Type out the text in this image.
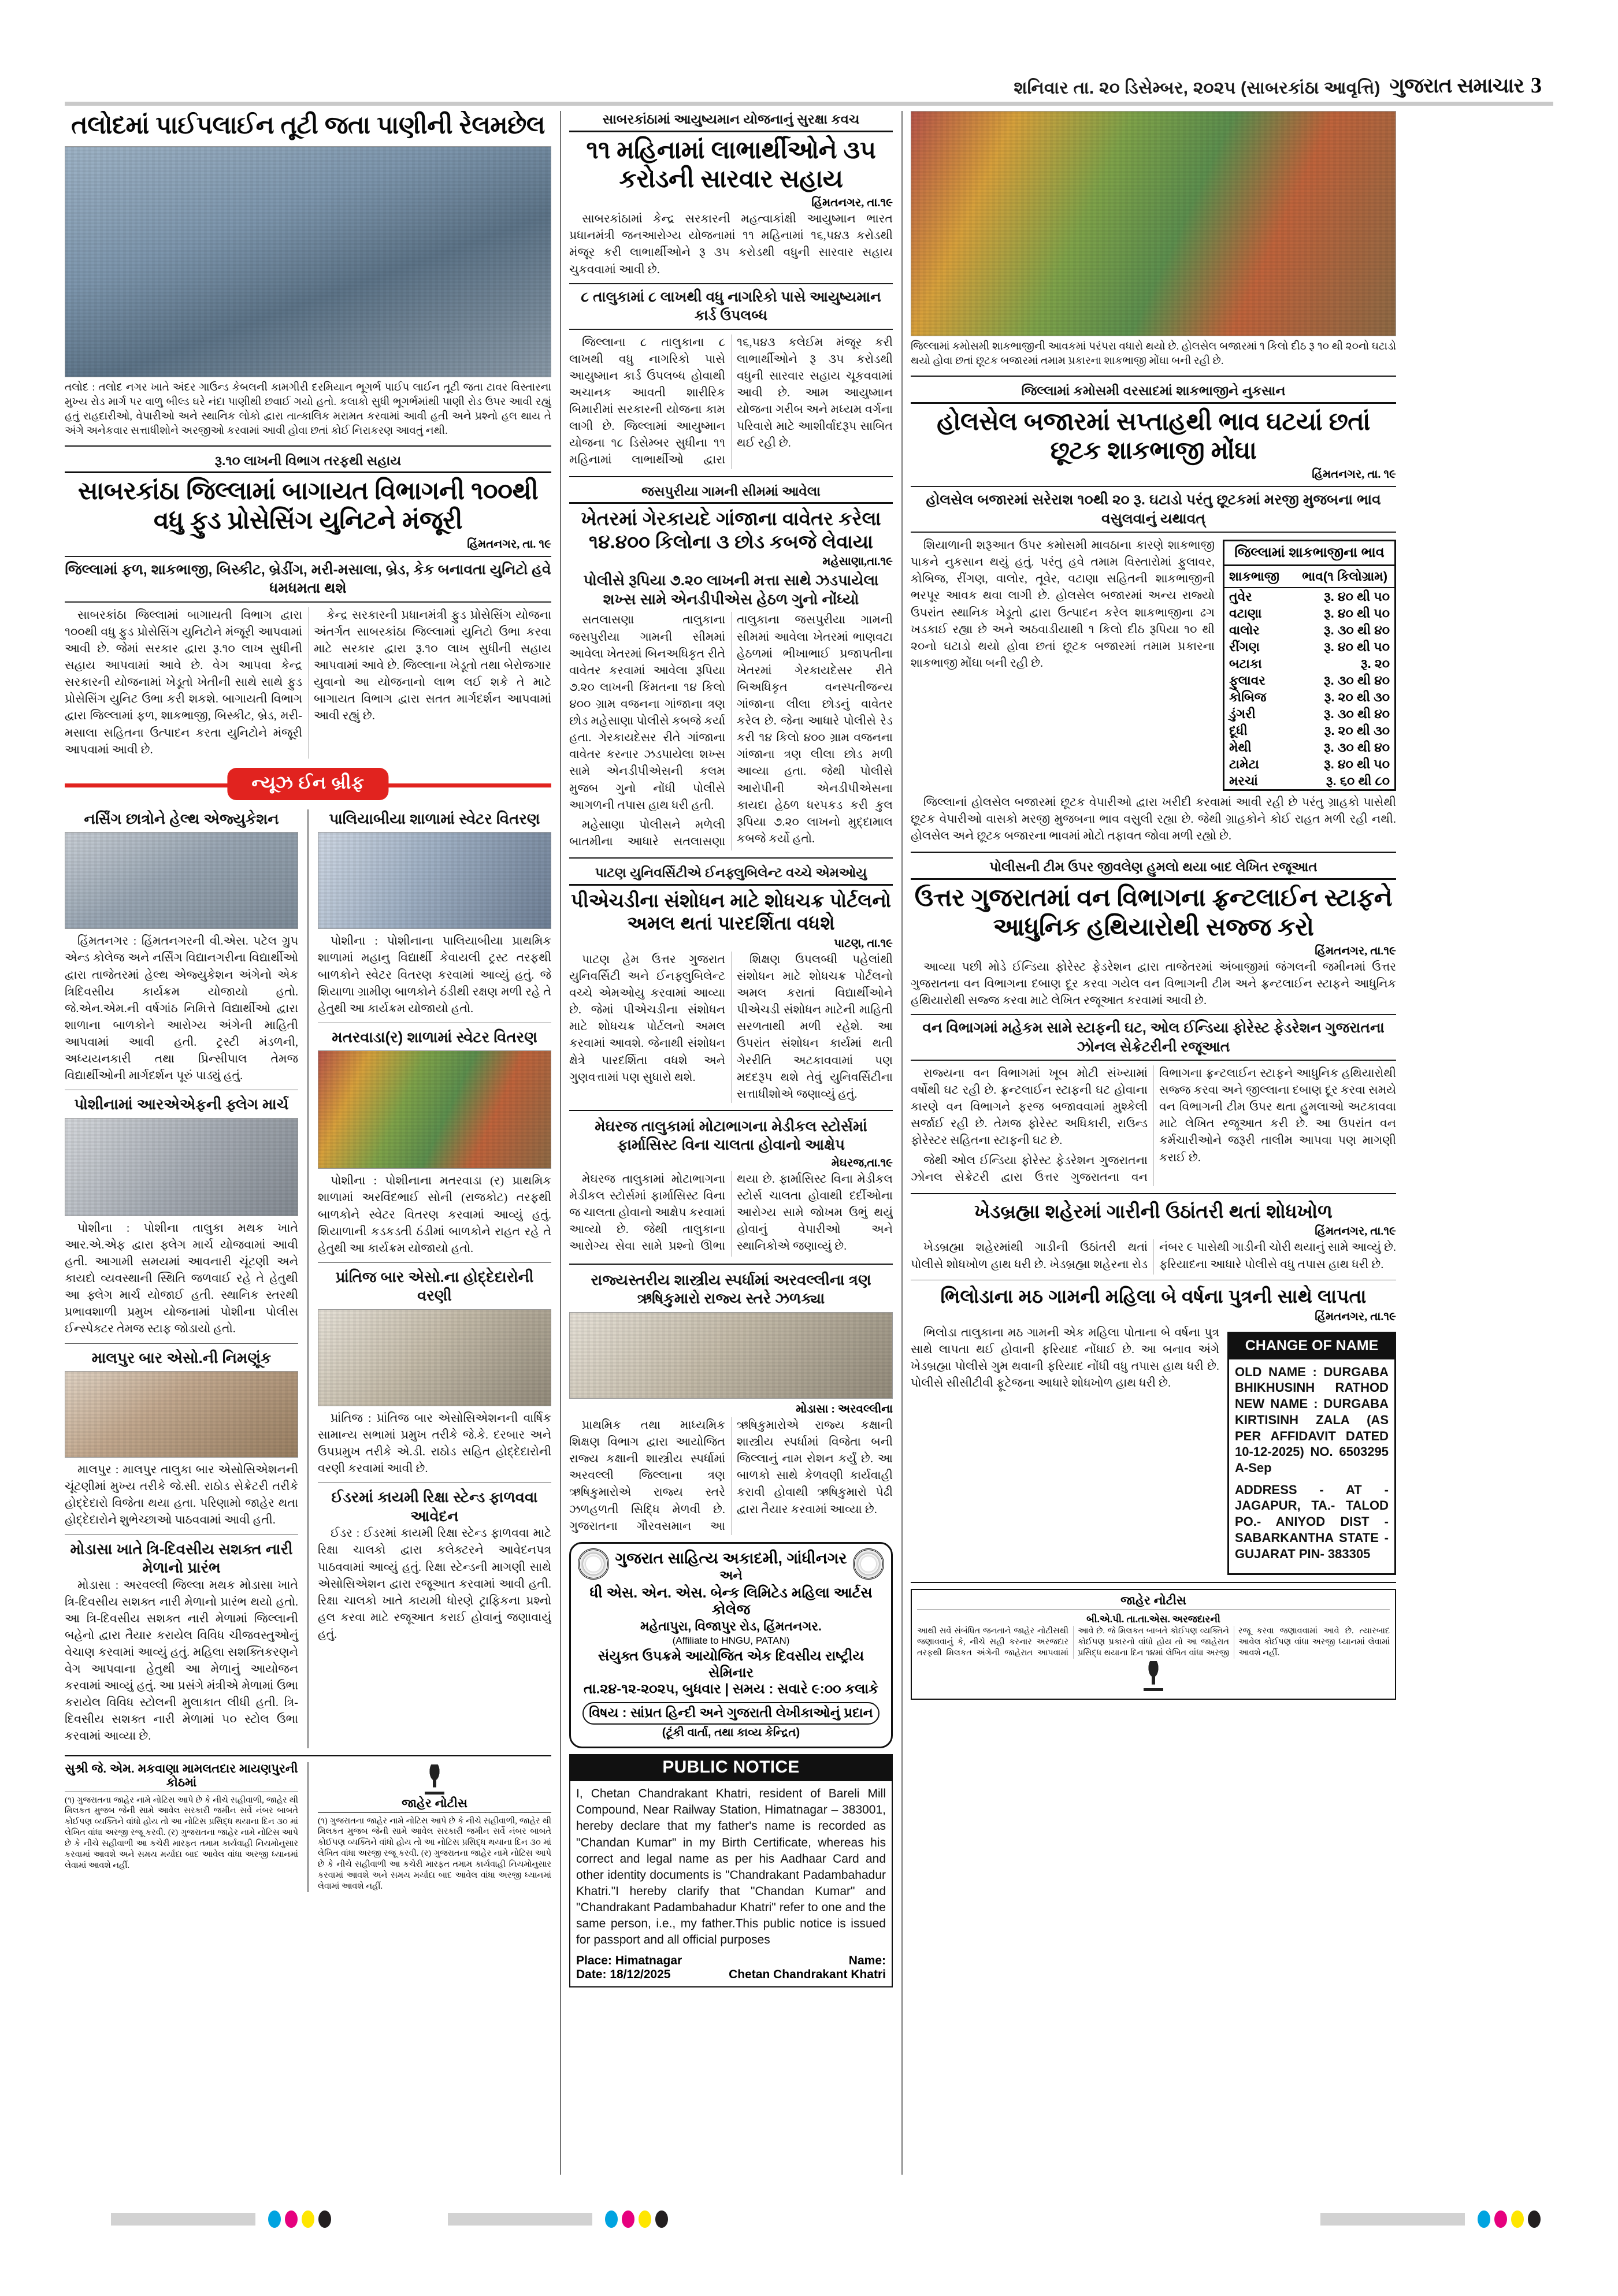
શનિવાર તા. ૨૦ ડિસેમ્બર, ૨૦૨૫ (સાબરકાંઠા આવૃત્તિ) ગુજરાત સમાચાર 3
તલોદમાં પાઈપલાઈન તૂટી જતા પાણીની રેલમછેલ
તલોદ : તલોદ નગર ખાતે અંદર ગાઉન્ડ કેબલની કામગીરી દરમિયાન ભૂગર્ભ પાઈપ લાઈન તૂટી જતા ટાવર વિસ્તારના મુખ્ય રોડ માર્ગ પર વાળુ બીલ્ડ ઘરે નંદા પાણીથી છવાઈ ગયો હતો. કલાકો સુધી ભૂગર્ભમાંથી પાણી રોડ ઉપર આવી રહ્યું હતું રાહદારીઓ, વેપારીઓ અને સ્થાનિક લોકો દ્વારા તાત્કાલિક મરામત કરવામાં આવી હતી અને પ્રશ્નો હલ થાય તે અંગે અનેકવાર સત્તાધીશોને અરજીઓ કરવામાં આવી હોવા છતાં કોઈ નિરાકરણ આવતું નથી.
રૂ.૧૦ લાખની વિભાગ તરફથી સહાય
સાબરકાંઠા જિલ્લામાં બાગાયત વિભાગની ૧૦૦થી વધુ ફુડ પ્રોસેસિંગ યુનિટને મંજૂરી
હિંમતનગર, તા. ૧૯
જિલ્લામાં ફળ, શાકભાજી, બિસ્કીટ, બ્રેડીંગ, મરી-મસાલા, બ્રેડ, કેક બનાવતા યુનિટો હવે ધમધમતા થશે

સાબરકાંઠા જિલ્લામાં બાગાયતી વિભાગ દ્વારા ૧૦૦થી વધુ ફુડ પ્રોસેસિંગ યુનિટોને મંજૂરી આપવામાં આવી છે. જેમાં સરકાર દ્વારા રૂ.૧૦ લાખ સુધીની સહાય આપવામાં આવે છે. વેગ આપવા કેન્દ્ર સરકારની યોજનામાં ખેડૂતો ખેતીની સાથે સાથે ફુડ પ્રોસેસિંગ યુનિટ ઉભા કરી શકશે. બાગાયતી વિભાગ દ્વારા જિલ્લામાં ફળ, શાકભાજી, બિસ્કીટ, બ્રેડ, મરી-મસાલા સહિતના ઉત્પાદન કરતા યુનિટોને મંજૂરી આપવામાં આવી છે.

કેન્દ્ર સરકારની પ્રધાનમંત્રી ફુડ પ્રોસેસિંગ યોજના અંતર્ગત સાબરકાંઠા જિલ્લામાં યુનિટો ઉભા કરવા માટે સરકાર દ્વારા રૂ.૧૦ લાખ સુધીની સહાય આપવામાં આવે છે. જિલ્લાના ખેડૂતો તથા બેરોજગાર યુવાનો આ યોજનાનો લાભ લઈ શકે તે માટે બાગાયત વિભાગ દ્વારા સતત માર્ગદર્શન આપવામાં આવી રહ્યું છે.

ન્યૂઝ ઈન બ્રીફ
નર્સિંગ છાત્રોને હેલ્થ એજ્યુકેશન

હિંમતનગર : હિંમતનગરની વી.એસ. પટેલ ગ્રુપ એન્ડ કોલેજ અને નર્સિંગ વિદ્યાનગરીના વિદ્યાર્થીઓ દ્વારા તાજેતરમાં હેલ્થ એજ્યુકેશન અંગેનો એક ત્રિદિવસીય કાર્યક્રમ યોજાયો હતો. જે.એન.એમ.ની વર્ષગાંઠ નિમિત્તે વિદ્યાર્થીઓ દ્વારા શાળાના બાળકોને આરોગ્ય અંગેની માહિતી આપવામાં આવી હતી. ટ્રસ્ટી મંડળની, અધ્યયનકારી તથા પ્રિન્સીપાલ તેમજ વિદ્યાર્થીઓની માર્ગદર્શન પૂરું પાડ્યું હતું.

પોશીનામાં આરએએફની ફ્લેગ માર્ચ

પોશીના : પોશીના તાલુકા મથક ખાતે આર.એ.એફ દ્વારા ફ્લેગ માર્ચ યોજવામાં આવી હતી. આગામી સમયમાં આવનારી ચૂંટણી અને કાયદો વ્યવસ્થાની સ્થિતિ જળવાઈ રહે તે હેતુથી આ ફ્લેગ માર્ચ યોજાઈ હતી. સ્થાનિક સ્તરથી પ્રભાવશાળી પ્રમુખ યોજનામાં પોશીના પોલીસ ઈન્સ્પેક્ટર તેમજ સ્ટાફ જોડાયો હતો.

માલપુર બાર એસો.ની નિમણૂંક

માલપુર : માલપુર તાલુકા બાર એસોસિએશનની ચૂંટણીમાં મુખ્ય તરીકે જે.સી. રાઠોડ સેક્રેટરી તરીકે હોદ્દેદારો વિજેતા થયા હતા. પરિણામો જાહેર થતા હોદ્દેદારોને શુભેચ્છાઓ પાઠવવામાં આવી હતી.

મોડાસા ખાતે ત્રિ-દિવસીય સશક્ત નારી મેળાનો પ્રારંભ

મોડાસા : અરવલ્લી જિલ્લા મથક મોડાસા ખાતે ત્રિ-દિવસીય સશક્ત નારી મેળાનો પ્રારંભ થયો હતો. આ ત્રિ-દિવસીય સશક્ત નારી મેળામાં જિલ્લાની બહેનો દ્વારા તૈયાર કરાયેલ વિવિધ ચીજવસ્તુઓનું વેચાણ કરવામાં આવ્યું હતું. મહિલા સશક્તિકરણને વેગ આપવાના હેતુથી આ મેળાનું આયોજન કરવામાં આવ્યું હતું. આ પ્રસંગે મંત્રીએ મેળામાં ઉભા કરાયેલ વિવિધ સ્ટોલની મુલાકાત લીધી હતી. ત્રિ-દિવસીય સશક્ત નારી મેળામાં ૫૦ સ્ટોલ ઉભા કરવામાં આવ્યા છે.

પાલિયાબીયા શાળામાં સ્વેટર વિતરણ

પોશીના : પોશીનાના પાલિયાબીયા પ્રાથમિક શાળામાં મહાનુ વિદ્યાર્થી કેવાયલી ટ્રસ્ટ તરફથી બાળકોને સ્વેટર વિતરણ કરવામાં આવ્યું હતું. જે શિયાળા ગ્રામીણ બાળકોને ઠંડીથી રક્ષણ મળી રહે તે હેતુથી આ કાર્યક્રમ યોજાયો હતો.

મતરવાડા(ર) શાળામાં સ્વેટર વિતરણ

પોશીના : પોશીનાના મતરવાડા (ર) પ્રાથમિક શાળામાં અરવિંદભાઈ સોની (રાજકોટ) તરફથી બાળકોને સ્વેટર વિતરણ કરવામાં આવ્યું હતું. શિયાળાની કડકડતી ઠંડીમાં બાળકોને રાહત રહે તે હેતુથી આ કાર્યક્રમ યોજાયો હતો.

પ્રાંતિજ બાર એસો.ના હોદ્દેદારોની વરણી

પ્રાંતિજ : પ્રાંતિજ બાર એસોસિએશનની વાર્ષિક સામાન્ય સભામાં પ્રમુખ તરીકે જે.કે. દરબાર અને ઉપપ્રમુખ તરીકે એ.ડી. રાઠોડ સહિત હોદ્દેદારોની વરણી કરવામાં આવી છે.

ઈડરમાં કાયમી રિક્ષા સ્ટેન્ડ ફાળવવા આવેદન

ઈડર : ઈડરમાં કાયમી રિક્ષા સ્ટેન્ડ ફાળવવા માટે રિક્ષા ચાલકો દ્વારા કલેક્ટરને આવેદનપત્ર પાઠવવામાં આવ્યું હતું. રિક્ષા સ્ટેન્ડની માગણી સાથે એસોસિએશન દ્વારા રજૂઆત કરવામાં આવી હતી. રિક્ષા ચાલકો ખાતે કાયમી ધોરણે ટ્રાફિકના પ્રશ્નો હલ કરવા માટે રજૂઆત કરાઈ હોવાનું જણાવાયું હતું.

સુશ્રી જે. એમ. મકવાણા મામલતદાર માયણપુરની કોઠમાં
(૧) ગુજરાતના જાહેર નામે નોટિસ આપે છે કે નીચે સહીવાળી, જાહેર થી મિલકત મુજબ જેની સામે આવેલ સરકારી જમીન સર્વે નંબર બાબતે કોઈપણ વ્યક્તિને વાંધો હોય તો આ નોટિસ પ્રસિદ્ધ થયાના દિન ૩૦ માં લેખિત વાંધા અરજી રજૂ કરવી. (ર) ગુજરાતના જાહેર નામે નોટિસ આપે છે કે નીચે સહીવાળી આ કચેરી મારફત તમામ કાર્યવાહી નિયમોનુસાર કરવામાં આવશે અને સમય મર્યાદા બાદ આવેલ વાંધા અરજી ધ્યાનમાં લેવામાં આવશે નહીં.
જાહેર નોટીસ
(૧) ગુજરાતના જાહેર નામે નોટિસ આપે છે કે નીચે સહીવાળી, જાહેર થી મિલકત મુજબ જેની સામે આવેલ સરકારી જમીન સર્વે નંબર બાબતે કોઈપણ વ્યક્તિને વાંધો હોય તો આ નોટિસ પ્રસિદ્ધ થયાના દિન ૩૦ માં લેખિત વાંધા અરજી રજૂ કરવી. (ર) ગુજરાતના જાહેર નામે નોટિસ આપે છે કે નીચે સહીવાળી આ કચેરી મારફત તમામ કાર્યવાહી નિયમોનુસાર કરવામાં આવશે અને સમય મર્યાદા બાદ આવેલ વાંધા અરજી ધ્યાનમાં લેવામાં આવશે નહીં.
સાબરકાંઠામાં આયુષ્યમાન યોજનાનું સુરક્ષા કવચ
૧૧ મહિનામાં લાભાર્થીઓને ૩૫ કરોડની સારવાર સહાય
હિંમતનગર, તા.૧૯

સાબરકાંઠામાં કેન્દ્ર સરકારની મહત્વાકાંક્ષી આયુષ્માન ભારત પ્રધાનમંત્રી જનઆરોગ્ય યોજનામાં ૧૧ મહિનામાં ૧૬,૫૪૩ કરોડથી મંજૂર કરી લાભાર્થીઓને રૂ ૩૫ કરોડથી વધુની સારવાર સહાય ચુકવવામાં આવી છે.

૮ તાલુકામાં ૮ લાખથી વધુ નાગરિકો પાસે આયુષ્યમાન કાર્ડ ઉપલબ્ધ

જિલ્લાના ૮ તાલુકાના ૮ લાખથી વધુ નાગરિકો પાસે આયુષ્માન કાર્ડ ઉપલબ્ધ હોવાથી અચાનક આવતી શારીરિક બિમારીમાં સરકારની યોજના કામ લાગી છે. જિલ્લામાં આયુષ્માન યોજના ૧૮ ડિસેમ્બર સુધીના ૧૧ મહિનામાં લાભાર્થીઓ દ્વારા ૧૬,૫૪૩ કલેઈમ મંજૂર કરી લાભાર્થીઓને રૂ ૩૫ કરોડથી વધુની સારવાર સહાય ચૂકવવામાં આવી છે. આમ આયુષ્માન યોજના ગરીબ અને મધ્યમ વર્ગના પરિવારો માટે આશીર્વાદરૂપ સાબિત થઈ રહી છે.

જસપુરીયા ગામની સીમમાં આવેલા
ખેતરમાં ગેરકાયદે ગાંજાના વાવેતર કરેલા ૧૪.૪૦૦ કિલોના ૩ છોડ કબજે લેવાયા
મહેસાણા,તા.૧૯
પોલીસે રૂપિયા ૭.૨૦ લાખની મત્તા સાથે ઝડપાયેલા શખ્સ સામે એનડીપીએસ હેઠળ ગુનો નોંધ્યો

સતલાસણા તાલુકાના જસપુરીયા ગામની સીમમાં આવેલા ખેતરમાં બિનઅધિકૃત રીતે વાવેતર કરવામાં આવેલા રૂપિયા ૭.૨૦ લાખની કિંમતના ૧૪ કિલો ૪૦૦ ગ્રામ વજનના ગાંજાના ત્રણ છોડ મહેસાણા પોલીસે કબજે કર્યા હતા. ગેરકાયદેસર રીતે ગાંજાના વાવેતર કરનાર ઝડપાયેલા શખ્સ સામે એનડીપીએસની કલમ મુજબ ગુનો નોંધી પોલીસે આગળની તપાસ હાથ ધરી હતી.

મહેસાણા પોલીસને મળેલી બાતમીના આધારે સતલાસણા તાલુકાના જસપુરીયા ગામની સીમમાં આવેલા ખેતરમાં ભાણવટા હેઠળમાં ભીખાભાઈ પ્રજાપતીના ખેતરમાં ગેરકાયદેસર રીતે બિઅધિકૃત વનસ્પતીજન્ય ગાંજાના લીલા છોડનું વાવેતર કરેલ છે. જેના આધારે પોલીસે રેડ કરી ૧૪ કિલો ૪૦૦ ગ્રામ વજનના ગાંજાના ત્રણ લીલા છોડ મળી આવ્યા હતા. જેથી પોલીસે આરોપીની એનડીપીએસના કાયદા હેઠળ ધરપકડ કરી કુલ રૂપિયા ૭.૨૦ લાખનો મુદ્દામાલ કબજે કર્યો હતો.

પાટણ યુનિવર્સિટીએ ઈનફ્લુબિલેન્ટ વચ્ચે એમઓયુ
પીએચડીના સંશોધન માટે શોધચક્ર પોર્ટલનો અમલ થતાં પારદર્શિતા વધશે
પાટણ, તા.૧૯

પાટણ હેમ ઉત્તર ગુજરાત યુનિવર્સિટી અને ઈનફ્લુબિલેન્ટ વચ્ચે એમઓયુ કરવામાં આવ્યા છે. જેમાં પીએચડીના સંશોધન માટે શોધચક્ર પોર્ટલનો અમલ કરવામાં આવશે. જેનાથી સંશોધન ક્ષેત્રે પારદર્શિતા વધશે અને ગુણવત્તામાં પણ સુધારો થશે.

શિક્ષણ ઉપલબ્ધી પહેલાંથી સંશોધન માટે શોધચક્ર પોર્ટલનો અમલ કરાતાં વિદ્યાર્થીઓને પીએચડી સંશોધન માટેની માહિતી સરળતાથી મળી રહેશે. આ ઉપરાંત સંશોધન કાર્યમાં થતી ગેરરીતિ અટકાવવામાં પણ મદદરૂપ થશે તેવું યુનિવર્સિટીના સત્તાધીશોએ જણાવ્યું હતું.

મેઘરજ તાલુકામાં મોટાભાગના મેડીકલ સ્ટોર્સમાં ફાર્માસિસ્ટ વિના ચાલતા હોવાનો આક્ષેપ
મેઘરજ,તા.૧૯

મેઘરજ તાલુકામાં મોટાભાગના મેડીકલ સ્ટોર્સમાં ફાર્માસિસ્ટ વિના જ ચાલતા હોવાનો આક્ષેપ કરવામાં આવ્યો છે. જેથી તાલુકાના આરોગ્ય સેવા સામે પ્રશ્નો ઊભા થયા છે. ફાર્માસિસ્ટ વિના મેડીકલ સ્ટોર્સ ચાલતા હોવાથી દર્દીઓના આરોગ્ય સામે જોખમ ઉભું થયું હોવાનું વેપારીઓ અને સ્થાનિકોએ જણાવ્યું છે.

રાજ્યસ્તરીય શાસ્ત્રીય સ્પર્ધામાં અરવલ્લીના ત્રણ ઋષિકુમારો રાજ્ય સ્તરે ઝળક્યા
મોડાસા : અરવલ્લીના

પ્રાથમિક તથા માધ્યમિક શિક્ષણ વિભાગ દ્વારા આયોજિત રાજ્ય કક્ષાની શાસ્ત્રીય સ્પર્ધામાં અરવલ્લી જિલ્લાના ત્રણ ઋષિકુમારોએ રાજ્ય સ્તરે ઝળહળતી સિદ્ધિ મેળવી છે. ગુજરાતના ગૌરવસમાન આ ઋષિકુમારોએ રાજ્ય કક્ષાની શાસ્ત્રીય સ્પર્ધામાં વિજેતા બની જિલ્લાનું નામ રોશન કર્યું છે. આ બાળકો સાથે કેળવણી કાર્યવાહી કરાવી હોવાથી ઋષિકુમારો પેઢી દ્વારા તૈયાર કરવામાં આવ્યા છે.

ગુજરાત સાહિત્ય અકાદમી, ગાંધીનગર
અને
ધી એસ. એન. એસ. બેન્ક લિમિટેડ મહિલા આર્ટસ કોલેજ
મહેતાપુરા, વિજાપુર રોડ, હિંમતનગર.
(Affiliate to HNGU, PATAN)
સંયુક્ત ઉપક્રમે આયોજિત એક દિવસીય રાષ્ટ્રીય સેમિનાર
તા.૨૪-૧૨-૨૦૨૫, બુધવાર | સમય : સવારે ૯:૦૦ કલાકે
વિષય : સાંપ્રત હિન્દી અને ગુજરાતી લેખીકાઓનું પ્રદાન
(ટૂંકી વાર્તા, તથા કાવ્ય કેન્દ્રિત)
PUBLIC NOTICE
I, Chetan Chandrakant Khatri, resident of Bareli Mill Compound, Near Railway Station, Himatnagar – 383001, hereby declare that my father's name is recorded as "Chandan Kumar" in my Birth Certificate, whereas his correct and legal name as per his Aadhaar Card and other identity documents is "Chandrakant Padambahadur Khatri."I hereby clarify that "Chandan Kumar" and "Chandrakant Padambahadur Khatri" refer to one and the same person, i.e., my father.This public notice is issued for passport and all official purposes
Place: Himatnagar
Date: 18/12/2025
Name:
Chetan Chandrakant Khatri
જિલ્લામાં કમોસમી શાકભાજીની આવકમાં પરંપરા વધારો થયો છે. હોલસેલ બજારમાં ૧ કિલો દીઠ રૂ ૧૦ થી ૨૦નો ઘટાડો થયો હોવા છતાં છૂટક બજારમાં તમામ પ્રકારના શાકભાજી મોંઘા બની રહી છે.
જિલ્લામાં કમોસમી વરસાદમાં શાકભાજીને નુકસાન
હોલસેલ બજારમાં સપ્તાહથી ભાવ ઘટયાં છતાં છૂટક શાકભાજી મોંઘા
હિંમતનગર, તા. ૧૯
હોલસેલ બજારમાં સરેરાશ ૧૦થી ૨૦ રૂ. ઘટાડો પરંતુ છૂટકમાં મરજી મુજબના ભાવ વસુલવાનું યથાવત્

શિયાળાની શરૂઆત ઉપર કમોસમી માવઠાના કારણે શાકભાજી પાકને નુકસાન થયું હતું. પરંતુ હવે તમામ વિસ્તારોમાં ફુલાવર, કોબિજ, રીંગણ, વાલોર, તૂવેર, વટાણા સહિતની શાકભાજીની ભરપૂર આવક થવા લાગી છે. હોલસેલ બજારમાં અન્ય રાજ્યો ઉપરાંત સ્થાનિક ખેડૂતો દ્વારા ઉત્પાદન કરેલ શાકભાજીના ઢગ ખડકાઈ રહ્યા છે અને અઠવાડીયાથી ૧ કિલો દીઠ રૂપિયા ૧૦ થી ૨૦નો ઘટાડો થયો હોવા છતાં છૂટક બજારમાં તમામ પ્રકારના શાકભાજી મોંઘા બની રહી છે.

જિલ્લામાં શાકભાજીના ભાવ
શાકભાજી	ભાવ(૧ કિલોગ્રામ)
તુવેર	રૂ. ૪૦ થી ૫૦
વટાણા	રૂ. ૪૦ થી ૫૦
વાલોર	રૂ. ૩૦ થી ૪૦
રીંગણ	રૂ. ૪૦ થી ૫૦
બટાકા	રૂ. ૨૦
ફુલાવર	રૂ. ૩૦ થી ૪૦
કોબિજ	રૂ. ૨૦ થી ૩૦
ડુંગરી	રૂ. ૩૦ થી ૪૦
દૂધી	રૂ. ૨૦ થી ૩૦
મેથી	રૂ. ૩૦ થી ૪૦
ટામેટા	રૂ. ૪૦ થી ૫૦
મરચાં	રૂ. ૬૦ થી ૮૦

જિલ્લાનાં હોલસેલ બજારમાં છૂટક વેપારીઓ દ્વારા ખરીદી કરવામાં આવી રહી છે પરંતુ ગ્રાહકો પાસેથી છૂટક વેપારીઓ વાસકો મરજી મુજબના ભાવ વસુલી રહ્યા છે. જેથી ગ્રાહકોને કોઈ રાહત મળી રહી નથી. હોલસેલ અને છૂટક બજારના ભાવમાં મોટો તફાવત જોવા મળી રહ્યો છે.

પોલીસની ટીમ ઉપર જીવલેણ હુમલો થયા બાદ લેખિત રજૂઆત
ઉત્તર ગુજરાતમાં વન વિભાગના ફ્રન્ટલાઈન સ્ટાફને આધુનિક હથિયારોથી સજ્જ કરો
હિંમતનગર, તા.૧૯

આવ્યા પછી મોડે ઈન્ડિયા ફોરેસ્ટ ફેડરેશન દ્વારા તાજેતરમાં અંબાજીમાં જંગલની જમીનમાં ઉત્તર ગુજરાતના વન વિભાગના દબાણ દૂર કરવા ગયેલ વન વિભાગની ટીમ અને ફ્રન્ટલાઈન સ્ટાફને આધુનિક હથિયારોથી સજ્જ કરવા માટે લેખિત રજૂઆત કરવામાં આવી છે.

વન વિભાગમાં મહેકમ સામે સ્ટાફની ઘટ, ઓલ ઈન્ડિયા ફોરેસ્ટ ફેડરેશન ગુજરાતના ઝોનલ સેક્રેટરીની રજૂઆત

રાજ્યના વન વિભાગમાં ખૂબ મોટી સંખ્યામાં વર્ષોથી ઘટ રહી છે. ફ્રન્ટલાઈન સ્ટાફની ઘટ હોવાના કારણે વન વિભાગને ફરજ બજાવવામાં મુશ્કેલી સર્જાઈ રહી છે. તેમજ ફોરેસ્ટ અધિકારી, રાઉન્ડ ફોરેસ્ટર સહિતના સ્ટાફની ઘટ છે.

જેથી ઓલ ઈન્ડિયા ફોરેસ્ટ ફેડરેશન ગુજરાતના ઝોનલ સેક્રેટરી દ્વારા ઉત્તર ગુજરાતના વન વિભાગના ફ્રન્ટલાઈન સ્ટાફને આધુનિક હથિયારોથી સજ્જ કરવા અને જીલ્લાના દબાણ દૂર કરવા સમયે વન વિભાગની ટીમ ઉપર થતા હુમલાઓ અટકાવવા માટે લેખિત રજૂઆત કરી છે. આ ઉપરાંત વન કર્મચારીઓને જરૂરી તાલીમ આપવા પણ માગણી કરાઈ છે.

ખેડબ્રહ્મા શહેરમાં ગારીની ઉઠાંતરી થતાં શોધખોળ
હિંમતનગર, તા.૧૯

ખેડબ્રહ્મા શહેરમાંથી ગાડીની ઉઠાંતરી થતાં પોલીસે શોધખોળ હાથ ધરી છે. ખેડબ્રહ્મા શહેરના રોડ નંબર ૯ પાસેથી ગાડીની ચોરી થયાનું સામે આવ્યું છે. ફરિયાદના આધારે પોલીસે વધુ તપાસ હાથ ધરી છે.

ભિલોડાના મઠ ગામની મહિલા બે વર્ષના પુત્રની સાથે લાપતા
હિંમતનગર, તા.૧૯

ભિલોડા તાલુકાના મઠ ગામની એક મહિલા પોતાના બે વર્ષના પુત્ર સાથે લાપતા થઈ હોવાની ફરિયાદ નોંધાઈ છે. આ બનાવ અંગે ખેડબ્રહ્મા પોલીસે ગુમ થવાની ફરિયાદ નોંધી વધુ તપાસ હાથ ધરી છે. પોલીસે સીસીટીવી ફૂટેજના આધારે શોધખોળ હાથ ધરી છે.

CHANGE OF NAME
OLD NAME : DURGABA BHIKHUSINH RATHOD NEW NAME : DURGABA KIRTISINH ZALA (AS PER AFFIDAVIT DATED 10-12-2025) NO. 6503295 A-Sep
ADDRESS - AT - JAGAPUR, TA.- TALOD PO.- ANIYOD DIST - SABARKANTHA STATE - GUJARAT PIN- 383305
જાહેર નોટીસ
બી.એ.પી. તા.તા.એસ. અરજદારની
આથી સર્વે સંબંધિત જનતાને જાહેર નોટીસથી જણાવવાનું કે, નીચે સહી કરનાર અરજદાર તરફથી મિલકત અંગેની જાહેરાત આપવામાં આવે છે. જે મિલકત બાબતે કોઈપણ વ્યક્તિને કોઈપણ પ્રકારનો વાંધો હોય તો આ જાહેરાત પ્રસિદ્ધ થયાના દિન ૧૪માં લેખિત વાંધા અરજી રજૂ કરવા જણાવવામાં આવે છે. ત્યારબાદ આવેલ કોઈપણ વાંધા અરજી ધ્યાનમાં લેવામાં આવશે નહીં.
